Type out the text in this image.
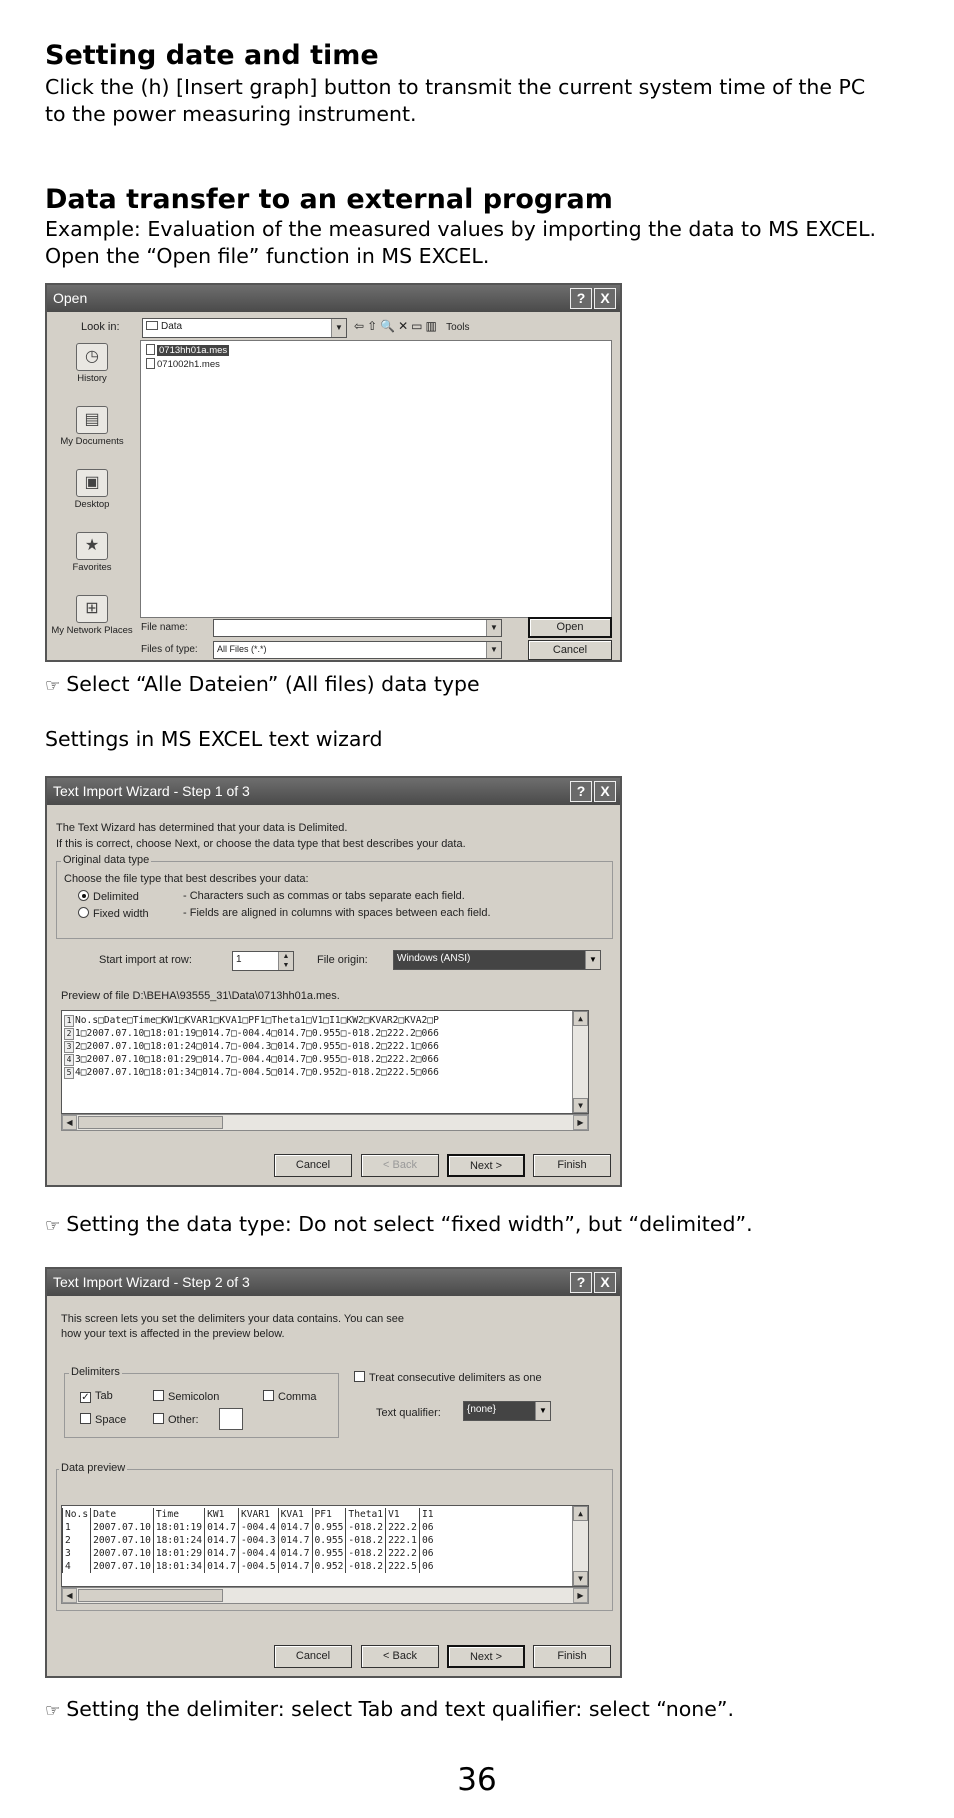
Setting date and time
Click the (h) [Insert graph] button to transmit the current system time of the PC
to the power measuring instrument.
Data transfer to an external program
Example: Evaluation of the measured values by importing the data to MS EXCEL.
Open the “Open file” function in MS EXCEL.
Open	?	X
Look in:	Data	▼ ⇦⇧🔍✕▭▥ Tools
◷
History
▤
My Documents
▣
Desktop
★
Favorites
⊞
My Network Places
0713hh01a.mes
071002h1.mes
File name:	▼
Files of type:	All Files (*.*)	▼
Open
Cancel
☞ Select “Alle Dateien” (All files) data type
Settings in MS EXCEL text wizard
Text Import Wizard - Step 1 of 3	?	X
The Text Wizard has determined that your data is Delimited.
If this is correct, choose Next, or choose the data type that best describes your data.
Original data type
Choose the file type that best describes your data:
Delimited	- Characters such as commas or tabs separate each field.
Fixed width	- Fields are aligned in columns with spaces between each field.
Start import at row:	1	▲
▼	File origin:	Windows (ANSI)	▼
Preview of file D:\BEHA\93555_31\Data\0713hh01a.mes.
1 No.s□Date□Time□KW1□KVAR1□KVA1□PF1□Theta1□V1□I1□KW2□KVAR2□KVA2□P
2 1□2007.07.10□18:01:19□014.7□-004.4□014.7□0.955□-018.2□222.2□066
3 2□2007.07.10□18:01:24□014.7□-004.3□014.7□0.955□-018.2□222.1□066
4 3□2007.07.10□18:01:29□014.7□-004.4□014.7□0.955□-018.2□222.2□066
5 4□2007.07.10□18:01:34□014.7□-004.5□014.7□0.952□-018.2□222.5□066
▲
▼
◀	▶
Cancel	< Back	Next >	Finish
☞ Setting the data type: Do not select “fixed width”, but “delimited”.
Text Import Wizard - Step 2 of 3	?	X
This screen lets you set the delimiters your data contains. You can see
how your text is affected in the preview below.
Delimiters
✓ Tab	Semicolon	Comma
Space	Other:
Treat consecutive delimiters as one
Text qualifier:	{none}	▼
Data preview
No.s	Date	Time	KW1	KVAR1	KVA1	PF1	Theta1	V1	I1
1	2007.07.10	18:01:19	014.7	-004.4	014.7	0.955	-018.2	222.2	06
2	2007.07.10	18:01:24	014.7	-004.3	014.7	0.955	-018.2	222.1	06
3	2007.07.10	18:01:29	014.7	-004.4	014.7	0.955	-018.2	222.2	06
4	2007.07.10	18:01:34	014.7	-004.5	014.7	0.952	-018.2	222.5	06
▲
▼
◀	▶
Cancel	< Back	Next >	Finish
☞ Setting the delimiter: select Tab and text qualifier: select “none”.
36
